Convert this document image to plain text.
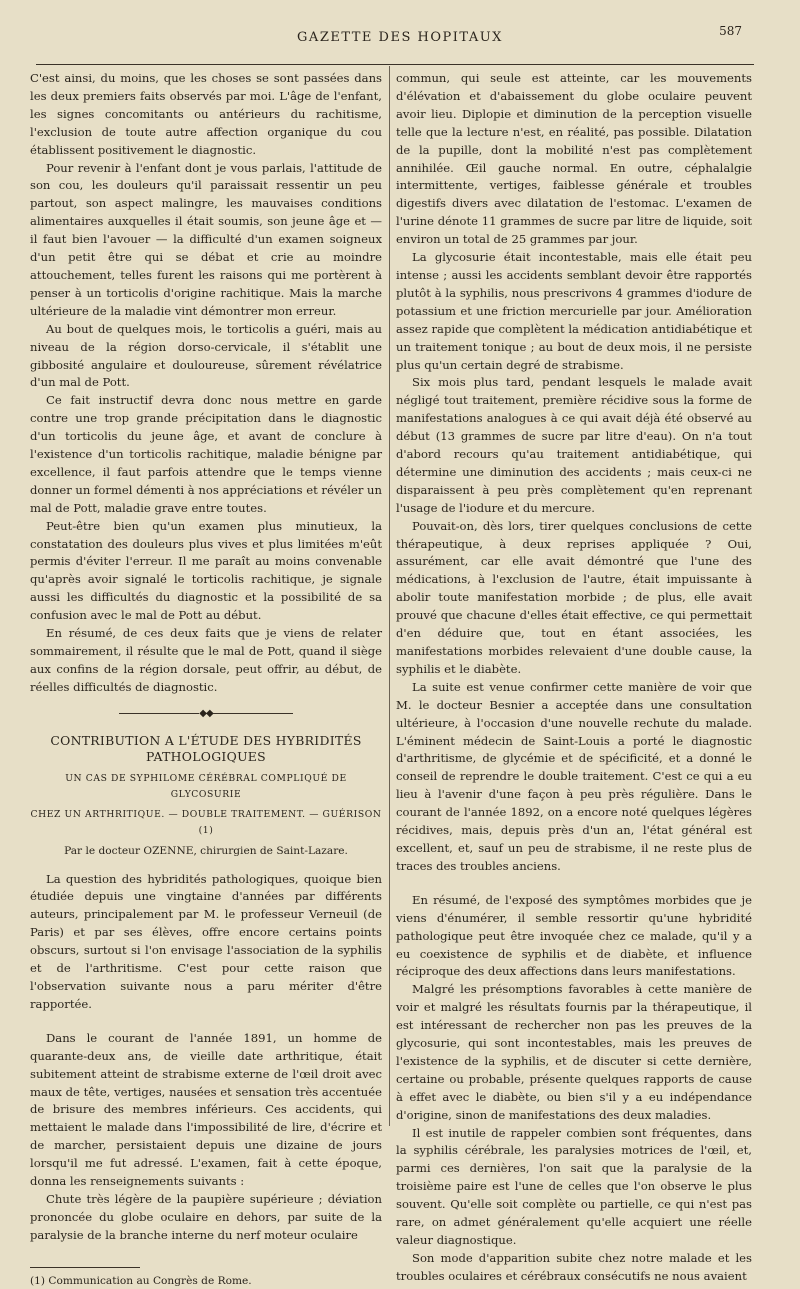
GAZETTE DES HOPITAUX	587

C'est ainsi, du moins, que les choses se sont passées dans les deux premiers faits observés par moi. L'âge de l'enfant, les signes concomitants ou antérieurs du rachitisme, l'exclusion de toute autre affection organique du cou établissent positivement le diagnostic.

Pour revenir à l'enfant dont je vous parlais, l'attitude de son cou, les douleurs qu'il paraissait ressentir un peu partout, son aspect malingre, les mauvaises conditions alimentaires auxquelles il était soumis, son jeune âge et — il faut bien l'avouer — la difficulté d'un examen soigneux d'un petit être qui se débat et crie au moindre attouchement, telles furent les raisons qui me portèrent à penser à un torticolis d'origine rachitique. Mais la marche ultérieure de la maladie vint démontrer mon erreur.

Au bout de quelques mois, le torticolis a guéri, mais au niveau de la région dorso-cervicale, il s'établit une gibbosité angulaire et douloureuse, sûrement révélatrice d'un mal de Pott.

Ce fait instructif devra donc nous mettre en garde contre une trop grande précipitation dans le diagnostic d'un torticolis du jeune âge, et avant de conclure à l'existence d'un torticolis rachitique, maladie bénigne par excellence, il faut parfois attendre que le temps vienne donner un formel démenti à nos appréciations et révéler un mal de Pott, maladie grave entre toutes.

Peut-être bien qu'un examen plus minutieux, la constatation des douleurs plus vives et plus limitées m'eût permis d'éviter l'erreur. Il me paraît au moins convenable qu'après avoir signalé le torticolis rachitique, je signale aussi les difficultés du diagnostic et la possibilité de sa confusion avec le mal de Pott au début.

En résumé, de ces deux faits que je viens de relater sommairement, il résulte que le mal de Pott, quand il siège aux confins de la région dorsale, peut offrir, au début, de réelles difficultés de diagnostic.

◆◆
CONTRIBUTION A L'ÉTUDE DES HYBRIDITÉS PATHOLOGIQUES
UN CAS DE SYPHILOME CÉRÉBRAL COMPLIQUÉ DE GLYCOSURIE
CHEZ UN ARTHRITIQUE. — DOUBLE TRAITEMENT. — GUÉRISON (1)
Par le docteur OZENNE, chirurgien de Saint-Lazare.

La question des hybridités pathologiques, quoique bien étudiée depuis une vingtaine d'années par différents auteurs, principalement par M. le professeur Verneuil (de Paris) et par ses élèves, offre encore certains points obscurs, surtout si l'on envisage l'association de la syphilis et de l'arthritisme. C'est pour cette raison que l'observation suivante nous a paru mériter d'être rapportée.

Dans le courant de l'année 1891, un homme de quarante-deux ans, de vieille date arthritique, était subitement atteint de strabisme externe de l'œil droit avec maux de tête, vertiges, nausées et sensation très accentuée de brisure des membres inférieurs. Ces accidents, qui mettaient le malade dans l'impossibilité de lire, d'écrire et de marcher, persistaient depuis une dizaine de jours lorsqu'il me fut adressé. L'examen, fait à cette époque, donna les renseignements suivants :

Chute très légère de la paupière supérieure ; déviation prononcée du globe oculaire en dehors, par suite de la paralysie de la branche interne du nerf moteur oculaire

(1) Communication au Congrès de Rome.

commun, qui seule est atteinte, car les mouvements d'élévation et d'abaissement du globe oculaire peuvent avoir lieu. Diplopie et diminution de la perception visuelle telle que la lecture n'est, en réalité, pas possible. Dilatation de la pupille, dont la mobilité n'est pas complètement annihilée. Œil gauche normal. En outre, céphalalgie intermittente, vertiges, faiblesse générale et troubles digestifs divers avec dilatation de l'estomac. L'examen de l'urine dénote 11 grammes de sucre par litre de liquide, soit environ un total de 25 grammes par jour.

La glycosurie était incontestable, mais elle était peu intense ; aussi les accidents semblant devoir être rapportés plutôt à la syphilis, nous prescrivons 4 grammes d'iodure de potassium et une friction mercurielle par jour. Amélioration assez rapide que complètent la médication antidiabétique et un traitement tonique ; au bout de deux mois, il ne persiste plus qu'un certain degré de strabisme.

Six mois plus tard, pendant lesquels le malade avait négligé tout traitement, première récidive sous la forme de manifestations analogues à ce qui avait déjà été observé au début (13 grammes de sucre par litre d'eau). On n'a tout d'abord recours qu'au traitement antidiabétique, qui détermine une diminution des accidents ; mais ceux-ci ne disparaissent à peu près complètement qu'en reprenant l'usage de l'iodure et du mercure.

Pouvait-on, dès lors, tirer quelques conclusions de cette thérapeutique, à deux reprises appliquée ? Oui, assurément, car elle avait démontré que l'une des médications, à l'exclusion de l'autre, était impuissante à abolir toute manifestation morbide ; de plus, elle avait prouvé que chacune d'elles était effective, ce qui permettait d'en déduire que, tout en étant associées, les manifestations morbides relevaient d'une double cause, la syphilis et le diabète.

La suite est venue confirmer cette manière de voir que M. le docteur Besnier a acceptée dans une consultation ultérieure, à l'occasion d'une nouvelle rechute du malade. L'éminent médecin de Saint-Louis a porté le diagnostic d'arthritisme, de glycémie et de spécificité, et a donné le conseil de reprendre le double traitement. C'est ce qui a eu lieu à l'avenir d'une façon à peu près régulière. Dans le courant de l'année 1892, on a encore noté quelques légères récidives, mais, depuis près d'un an, l'état général est excellent, et, sauf un peu de strabisme, il ne reste plus de traces des troubles anciens.

En résumé, de l'exposé des symptômes morbides que je viens d'énumérer, il semble ressortir qu'une hybridité pathologique peut être invoquée chez ce malade, qu'il y a eu coexistence de syphilis et de diabète, et influence réciproque des deux affections dans leurs manifestations.

Malgré les présomptions favorables à cette manière de voir et malgré les résultats fournis par la thérapeutique, il est intéressant de rechercher non pas les preuves de la glycosurie, qui sont incontestables, mais les preuves de l'existence de la syphilis, et de discuter si cette dernière, certaine ou probable, présente quelques rapports de cause à effet avec le diabète, ou bien s'il y a eu indépendance d'origine, sinon de manifestations des deux maladies.

Il est inutile de rappeler combien sont fréquentes, dans la syphilis cérébrale, les paralysies motrices de l'œil, et, parmi ces dernières, l'on sait que la paralysie de la troisième paire est l'une de celles que l'on observe le plus souvent. Qu'elle soit complète ou partielle, ce qui n'est pas rare, on admet généralement qu'elle acquiert une réelle valeur diagnostique.

Son mode d'apparition subite chez notre malade et les troubles oculaires et cérébraux consécutifs ne nous avaient
